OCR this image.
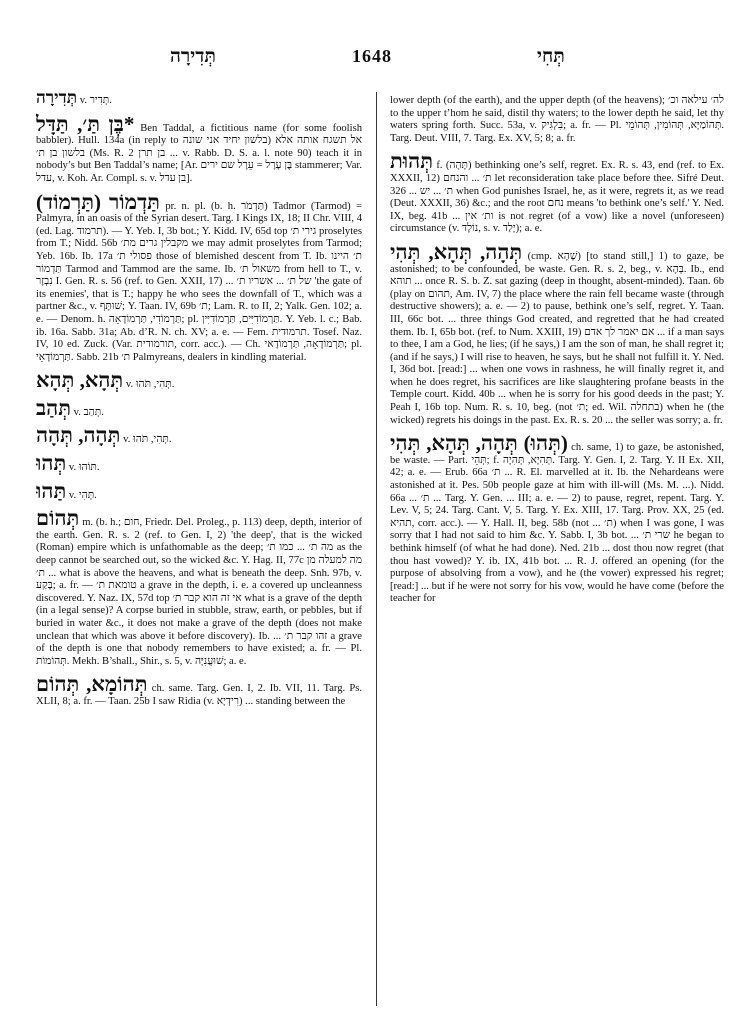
תְּדִירָה	1648	תְּחִי

תְּדִירָה v. תְּדִיר.

*בֶּן תַּ׳, תַּדָּל Ben Taddal, a fictitious name (for some foolish babbler). Hull. 134a (in reply to בלשון יחיד אני שונה) אל תשגח אותה אלא בלשון בן ת׳ (Ms. R. 2 בן תרן ... v. Rabb. D. S. a. l. note 90) teach it in nobody’s but Ben Taddal’s name; [Ar. בֶּן עָרָל = עֵרָל שם ירים stammerer; Var. עדל, v. Koh. Ar. Compl. s. v. בן עדל].

תַּדְמוֹר (תַּרְמוֹד) pr. n. pl. (b. h. תַּדְמֹר) Tadmor (Tarmod) = Palmyra, in an oasis of the Syrian desert. Targ. I Kings IX, 18; II Chr. VIII, 4 (ed. Lag. תרמוד). — Y. Yeb. I, 3b bot.; Y. Kidd. IV, 65d top גירי ת׳ proselytes from T.; Nidd. 56b מקבלין גרים מת׳ we may admit proselytes from Tarmod; Yeb. 16b. Ib. 17a פסולי ת׳ those of blemished descent from T. Ib. ת׳ היינו תַּדְמוֹר Tarmod and Tammod are the same. Ib. משאול ת׳ from hell to T., v. נִבְזָר I. Gen. R. s. 56 (ref. to Gen. XXII, 17) ... של ת׳ ... אשריו ת׳ 'the gate of its enemies', that is T.; happy he who sees the downfall of T., which was a partner &c., v. שׁוּתָּף; Y. Taan. IV, 69b ת׳; Lam. R. to II, 2; Yalk. Gen. 102; a. e. — Denom. h. תַּרְמוֹדִי, תַּרְמוֹדָאָה; pl. תַּרְמוֹדִיִּים, תַּרְמוֹדִיִּין. Y. Yeb. l. c.; Bab. ib. 16a. Sabb. 31a; Ab. d’R. N. ch. XV; a. e. — Fem. תרמודית. Tosef. Naz. IV, 10 ed. Zuck. (Var. תורמודית, corr. acc.). — Ch. תַּרְמוֹדָאָה, תַּרְמוֹדָאי; pl. תַּרְמוֹדָאֵי. Sabb. 21b ת׳ Palmyreans, dealers in kindling material.

תְּהָא, תְּהָא v. תְּהִי, תֹּהוּ.

תְּהַב v. תְּהַב.

תְּהָה, תְּהָה v. תְּהִי, תֹּהוּ.

תְּהוּ v. תּוֹהוּ.

תַּהוּ v. תְּהִי.

תְּהוֹם m. (b. h.; חום, Friedr. Del. Proleg., p. 113) deep, depth, interior of the earth. Gen. R. s. 2 (ref. to Gen. I, 2) 'the deep', that is the wicked (Roman) empire which is unfathomable as the deep; מה ת׳ ... כמו ת׳ as the deep cannot be searched out, so the wicked &c. Y. Hag. II, 77c מה למעלה מן ת׳ ... what is above the heavens, and what is beneath the deep. Snh. 97b, v. בָּקַע; a. fr. — טומאת ת׳ a grave in the depth, i. e. a covered up uncleanness discovered. Y. Naz. IX, 57d top אי זה הוא קבר ת׳ what is a grave of the depth (in a legal sense)? A corpse buried in stubble, straw, earth, or pebbles, but if buried in water &c., it does not make a grave of the depth (does not make unclean that which was above it before discovery). Ib. ... זהו קבר ת׳ a grave of the depth is one that nobody remembers to have existed; a. fr. — Pl. תְּהוֹמוֹת. Mekh. B’shall., Shir., s. 5, v. שׁוּעֲנִיָּה; a. e.

תְּהוֹמָא, תְּהוֹם ch. same. Targ. Gen. I, 2. Ib. VII, 11. Targ. Ps. XLII, 8; a. fr. — Taan. 25b I saw Ridia (v. רִידְיָא) ... standing between the

lower depth (of the earth), and the upper depth (of the heavens); לה׳ עילאה וכ׳ to the upper t’hom he said, distil thy waters; to the lower depth he said, let thy waters spring forth. Succ. 53a, v. בִּלְגִּיק; a. fr. — Pl. תְּהוֹמַיָּא, תְּהוֹמִין, תְּהוֹמֵי. Targ. Deut. VIII, 7. Targ. Ex. XV, 5; 8; a. fr.

תְּהוּת f. (תָּהָה) bethinking one’s self, regret. Ex. R. s. 43, end (ref. to Ex. XXXII, 12) ת׳ ... והנחם let reconsideration take place before thee. Sifré Deut. 326 ... ת׳ ... יש when God punishes Israel, he, as it were, regrets it, as we read (Deut. XXXII, 36) &c.; and the root נחם means 'to bethink one’s self.' Y. Ned. IX, beg. 41b ... ות׳ אין is not regret (of a vow) like a novel (unforeseen) circumstance (v. נוֹלָד, s. v. יָלַד); a. e.

תְּהָה, תְּהָא, תְּהִי (cmp. שָׁהָא) [to stand still,] 1) to gaze, be astonished; to be confounded, be waste. Gen. R. s. 2, beg., v. בְּהָא. Ib., end תוהא ... once R. S. b. Z. sat gazing (deep in thought, absent-minded). Taan. 6b (play on תהום, Am. IV, 7) the place where the rain fell became waste (through destructive showers); a. e. — 2) to pause, bethink one’s self, regret. Y. Taan. III, 66c bot. ... three things God created, and regretted that he had created them. Ib. I, 65b bot. (ref. to Num. XXIII, 19) אם יאמר לך אדם ... if a man says to thee, I am a God, he lies; (if he says,) I am the son of man, he shall regret it; (and if he says,) I will rise to heaven, he says, but he shall not fulfill it. Y. Ned. I, 36d bot. [read:] ... when one vows in rashness, he will finally regret it, and when he does regret, his sacrifices are like slaughtering profane beasts in the Temple court. Kidd. 40b ... when he is sorry for his good deeds in the past; Y. Peah I, 16b top. Num. R. s. 10, beg. (not ת׳; ed. Wil. בתחלה) when he (the wicked) regrets his doings in the past. Ex. R. s. 20 ... the seller was sorry; a. fr.

(תְּהוּ) תְּהָה, תְּהָא, תְּהִי ch. same, 1) to gaze, be astonished, be waste. — Part. תְּהֵי; f. תְּהִיָא, תְּהִיָה. Targ. Y. Gen. I, 2. Targ. Y. II Ex. XII, 42; a. e. — Erub. 66a ת׳ ... R. El. marvelled at it. Ib. the Nehardeans were astonished at it. Pes. 50b people gaze at him with ill-will (Ms. M. ...). Nidd. 66a ... ת׳ ... Targ. Y. Gen. ... III; a. e. — 2) to pause, regret, repent. Targ. Y. Lev. V, 5; 24. Targ. Cant. V, 5. Targ. Y. Ex. XIII, 17. Targ. Prov. XX, 25 (ed. תהיא, corr. acc.). — Y. Hall. II, beg. 58b (not ... ת׳) when I was gone, I was sorry that I had not said to him &c. Y. Sabb. I, 3b bot. ... שרי ת׳ he began to bethink himself (of what he had done). Ned. 21b ... dost thou now regret (that thou hast vowed)? Y. ib. IX, 41b bot. ... R. J. offered an opening (for the purpose of absolving from a vow), and he (the vower) expressed his regret; [read:] ... but if he were not sorry for his vow, would he have come (before the teacher for
